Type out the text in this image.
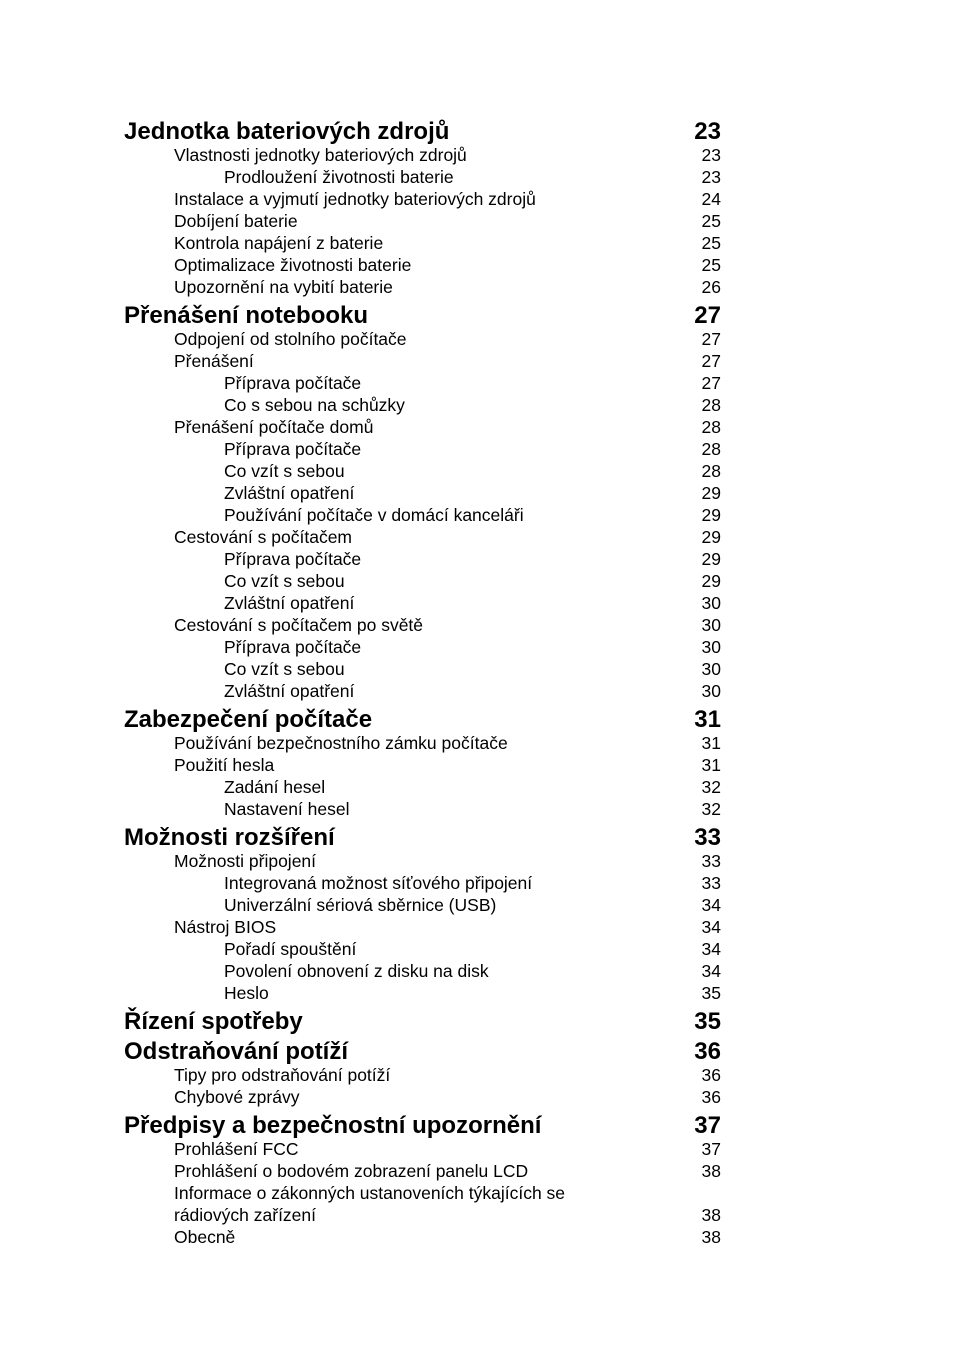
Jednotka bateriových zdrojů	23
Vlastnosti jednotky bateriových zdrojů	23
Prodloužení životnosti baterie	23
Instalace a vyjmutí jednotky bateriových zdrojů	24
Dobíjení baterie	25
Kontrola napájení z baterie	25
Optimalizace životnosti baterie	25
Upozornění na vybití baterie	26
Přenášení notebooku	27
Odpojení od stolního počítače	27
Přenášení	27
Příprava počítače	27
Co s sebou na schůzky	28
Přenášení počítače domů	28
Příprava počítače	28
Co vzít s sebou	28
Zvláštní opatření	29
Používání počítače v domácí kanceláři	29
Cestování s počítačem	29
Příprava počítače	29
Co vzít s sebou	29
Zvláštní opatření	30
Cestování s počítačem po světě	30
Příprava počítače	30
Co vzít s sebou	30
Zvláštní opatření	30
Zabezpečení počítače	31
Používání bezpečnostního zámku počítače	31
Použití hesla	31
Zadání hesel	32
Nastavení hesel	32
Možnosti rozšíření	33
Možnosti připojení	33
Integrovaná možnost síťového připojení	33
Univerzální sériová sběrnice (USB)	34
Nástroj BIOS	34
Pořadí spouštění	34
Povolení obnovení z disku na disk	34
Heslo	35
Řízení spotřeby	35
Odstraňování potíží	36
Tipy pro odstraňování potíží	36
Chybové zprávy	36
Předpisy a bezpečnostní upozornění	37
Prohlášení FCC	37
Prohlášení o bodovém zobrazení panelu LCD	38
Informace o zákonných ustanoveních týkajících se
rádiových zařízení	38
Obecně	38
